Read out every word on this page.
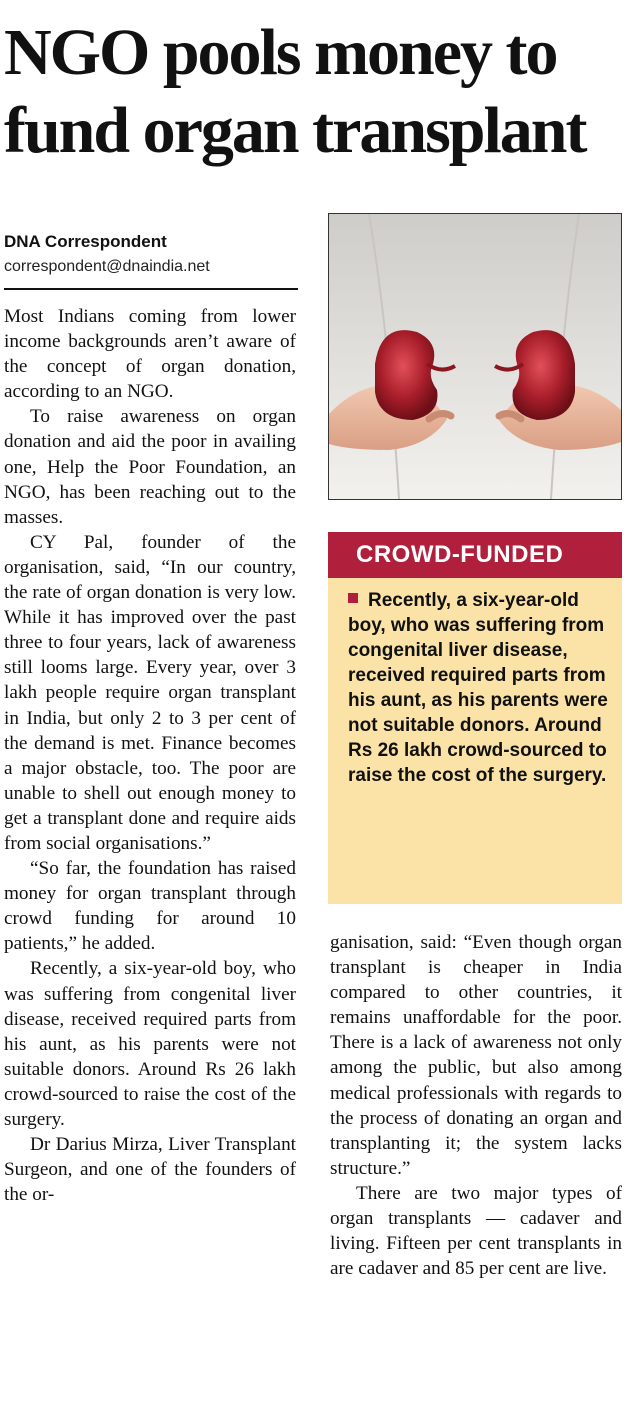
NGO pools money to fund organ transplant
DNA Correspondent
correspondent@dnaindia.net

Most Indians coming from lower income backgrounds aren’t aware of the concept of organ donation, according to an NGO.

To raise awareness on organ donation and aid the poor in availing one, Help the Poor Foundation, an NGO, has been reaching out to the masses.

CY Pal, founder of the organisation, said, “In our country, the rate of organ donation is very low. While it has improved over the past three to four years, lack of awareness still looms large. Every year, over 3 lakh people require organ transplant in India, but only 2 to 3 per cent of the demand is met. Finance becomes a major obstacle, too. The poor are unable to shell out enough money to get a transplant done and require aids from social organisations.”

“So far, the foundation has raised money for organ transplant through crowd funding for around 10 patients,” he added.

Recently, a six-year-old boy, who was suffering from congenital liver disease, received required parts from his aunt, as his parents were not suitable donors. Around Rs 26 lakh crowd-sourced to raise the cost of the surgery.

Dr Darius Mirza, Liver Transplant Surgeon, and one of the founders of the or-

CROWD-FUNDED
Recently, a six-year-old boy, who was suffering from congenital liver disease, received required parts from his aunt, as his parents were not suitable donors. Around Rs 26 lakh crowd-sourced to raise the cost of the surgery.

ganisation, said: “Even though organ transplant is cheaper in India compared to other countries, it remains unaffordable for the poor. There is a lack of awareness not only among the public, but also among medical professionals with regards to the process of donating an organ and transplanting it; the system lacks structure.”

There are two major types of organ transplants — cadaver and living. Fifteen per cent transplants in are cadaver and 85 per cent are live.
